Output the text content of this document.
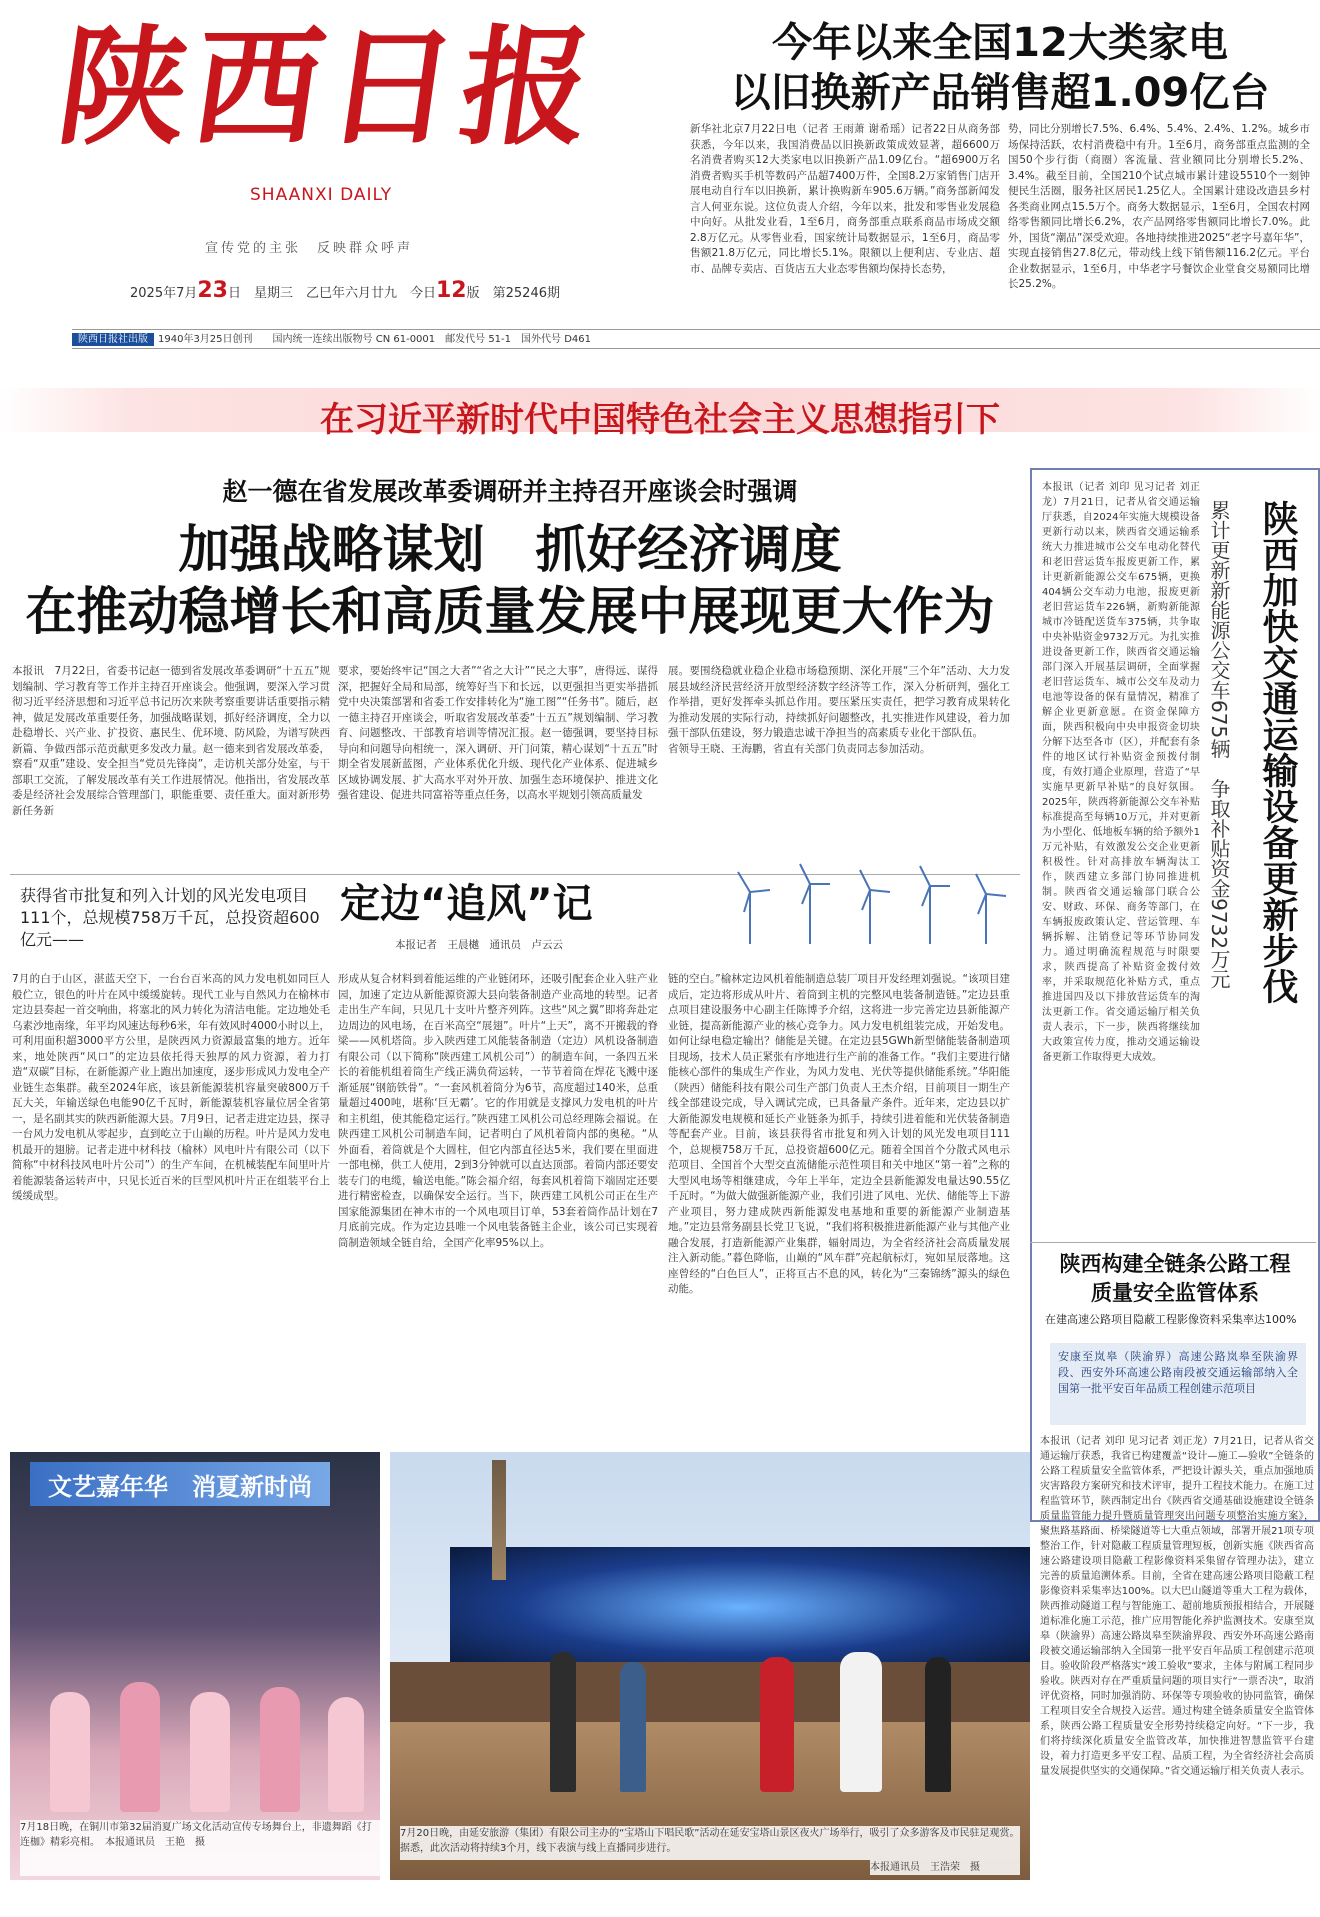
陕西日报
SHAANXI DAILY
宣传党的主张　反映群众呼声
2025年7月23日　星期三　乙巳年六月廿九　今日12版　第25246期
陕西日报社出版 1940年3月25日创刊　　国内统一连续出版物号 CN 61-0001　邮发代号 51-1　国外代号 D461
今年以来全国12大类家电
以旧换新产品销售超1.09亿台
新华社北京7月22日电（记者 王雨萧 谢希瑶）记者22日从商务部获悉，今年以来，我国消费品以旧换新政策成效显著，超6600万名消费者购买12大类家电以旧换新产品1.09亿台。“超6900万名消费者购买手机等数码产品超7400万件，全国8.2万家销售门店开展电动自行车以旧换新，累计换购新车905.6万辆。”商务部新闻发言人何亚东说。这位负责人介绍，今年以来，批发和零售业发展稳中向好。从批发业看，1至6月，商务部重点联系商品市场成交额2.8万亿元。从零售业看，国家统计局数据显示，1至6月，商品零售额21.8万亿元，同比增长5.1%。限额以上便利店、专业店、超市、品牌专卖店、百货店五大业态零售额均保持长态势，
势，同比分别增长7.5%、6.4%、5.4%、2.4%、1.2%。城乡市场保持活跃，农村消费稳中有升。1至6月，商务部重点监测的全国50个步行街（商圈）客流量、营业额同比分别增长5.2%、3.4%。截至目前，全国210个试点城市累计建设5510个一刻钟便民生活圈，服务社区居民1.25亿人。全国累计建设改造县乡村各类商业网点15.5万个。商务大数据显示，1至6月，全国农村网络零售额同比增长6.2%，农产品网络零售额同比增长7.0%。此外，国货“潮品”深受欢迎。各地持续推进2025“老字号嘉年华”，实现直接销售27.8亿元，带动线上线下销售额116.2亿元。平台企业数据显示，1至6月，中华老字号餐饮企业堂食交易额同比增长25.2%。
在习近平新时代中国特色社会主义思想指引下
赵一德在省发展改革委调研并主持召开座谈会时强调
加强战略谋划　抓好经济调度
在推动稳增长和高质量发展中展现更大作为
本报讯　7月22日，省委书记赵一德到省发展改革委调研“十五五”规划编制、学习教育等工作并主持召开座谈会。他强调，要深入学习贯彻习近平经济思想和习近平总书记历次来陕考察重要讲话重要指示精神，做足发展改革重要任务，加强战略谋划，抓好经济调度，全力以赴稳增长、兴产业、扩投资、惠民生、优环境、防风险，为谱写陕西新篇、争做西部示范贡献更多发改力量。赵一德来到省发展改革委，察看“双重”建设、安全担当“党员先锋岗”，走访机关部分处室，与干部职工交流，了解发展改革有关工作进展情况。他指出，省发展改革委是经济社会发展综合管理部门，职能重要、责任重大。面对新形势新任务新
要求，要始终牢记“国之大者”“省之大计”“民之大事”，唐得远、谋得深，把握好全局和局部，统筹好当下和长远，以更强担当更实举措抓党中央决策部署和省委工作安排转化为“施工图”“任务书”。随后，赵一德主持召开座谈会，听取省发展改革委“十五五”规划编制、学习教育、问题整改、干部教育培训等情况汇报。赵一德强调，要坚持目标导向和问题导向相统一，深入调研、开门问策，精心谋划“十五五”时期全省发展新蓝图，产业体系优化升级、现代化产业体系、促进城乡区域协调发展、扩大高水平对外开放、加强生态环境保护、推进文化强省建设、促进共同富裕等重点任务，以高水平规划引领高质量发
展。要围绕稳就业稳企业稳市场稳预期、深化开展“三个年”活动、大力发展县域经济民营经济开放型经济数字经济等工作，深入分析研判，强化工作举措，更好发挥牵头抓总作用。要压紧压实责任，把学习教育成果转化为推动发展的实际行动，持续抓好问题整改，扎实推进作风建设，着力加强干部队伍建设，努力锻造忠诚干净担当的高素质专业化干部队伍。
省领导王晓、王海鹏，省直有关部门负责同志参加活动。
获得省市批复和列入计划的风光发电项目111个，总规模758万千瓦，总投资超600亿元——
定边“追风”记
本报记者　王晨樾　通讯员　卢云云
7月的白于山区，湛蓝天空下，一台台百米高的风力发电机如同巨人般伫立，银色的叶片在风中缓缓旋转。现代工业与自然风力在榆林市定边县奏起一首交响曲，将塞北的风力转化为清洁电能。定边地处毛乌素沙地南缘，年平均风速达每秒6米，年有效风时4000小时以上，可利用面积超3000平方公里，是陕西风力资源最富集的地方。近年来，地处陕西“风口”的定边县依托得天独厚的风力资源，着力打造“双碳”目标，在新能源产业上跑出加速度，逐步形成风力发电全产业链生态集群。截至2024年底，该县新能源装机容量突破800万千瓦大关，年输送绿色电能90亿千瓦时，新能源装机容量位居全省第一，是名副其实的陕西新能源大县。7月9日，记者走进定边县，探寻一台风力发电机从零起步，直到屹立于山巅的历程。叶片是风力发电机最开的翅膀。记者走进中材科技（榆林）风电叶片有限公司（以下简称“中材科技风电叶片公司”）的生产车间，在机械装配车间里叶片着能源装备运转声中，只见长近百米的巨型风机叶片正在组装平台上缓缓成型。
形成从复合材料到着能运维的产业链闭环，还吸引配套企业入驻产业园，加速了定边从新能源资源大县向装备制造产业高地的转型。记者走出生产车间，只见几十支叶片整齐列阵。这些“风之翼”即将奔赴定边周边的风电场，在百米高空“展翅”。叶片“上天”，离不开搬载的脊梁——风机塔筒。步入陕西建工风能装备制造（定边）风机设备制造有限公司（以下简称“陕西建工风机公司”）的制造车间，一条四五米长的着能机组着筒生产线正满负荷运转，一节节着筒在焊花飞溅中逐渐延展“钢筋铁骨”。“一套风机着筒分为6节，高度超过140米，总重量超过400吨，堪称‘巨无霸’。它的作用就是支撑风力发电机的叶片和主机组，使其能稳定运行。”陕西建工风机公司总经理陈会福说。在陕西建工风机公司制造车间，记者明白了风机着筒内部的奥秘。“从外面看，着筒就是个大圆柱，但它内部直径达5米，我们要在里面进一部电梯，供工人使用，2到3分钟就可以直达顶部。着筒内部还要安装专门的电缆，输送电能。”陈会福介绍，每套风机着筒下端固定还要进行精密检查，以确保安全运行。当下，陕西建工风机公司正在生产国家能源集团在神木市的一个风电项目订单，53套着筒作品计划在7月底前完成。作为定边县唯一个风电装备链主企业，该公司已实现着筒制造领域全链自给，全国产化率95%以上。
链的空白。”榆林定边风机着能制造总装厂项目开发经理刘强说。“该项目建成后，定边将形成从叶片、着筒到主机的完整风电装备制造链。”定边县重点项目建设服务中心副主任陈博予介绍，这将进一步完善定边县新能源产业链，提高新能源产业的核心竞争力。风力发电机组装完成，开始发电。如何让绿电稳定输出？储能是关键。在定边县5GWh新型储能装备制造项目现场，技术人员正紧张有序地进行生产前的准备工作。“我们主要进行储能核心部件的集成生产作业，为风力发电、光伏等提供储能系统。”华阳能（陕西）储能科技有限公司生产部门负责人王杰介绍，目前项目一期生产线全部建设完成，导入调试完成，已具备量产条件。近年来，定边县以扩大新能源发电规模和延长产业链条为抓手，持续引进着能和光伏装备制造等配套产业。目前，该县获得省市批复和列入计划的风光发电项目111个，总规模758万千瓦，总投资超600亿元。随着全国首个分散式风电示范项目、全国首个大型交直流储能示范性项目和关中地区“第一着”之称的大型风电场等相继建成，今年上半年，定边全县新能源发电量达90.55亿千瓦时。“为做大做强新能源产业，我们引进了风电、光伏、储能等上下游产业项目，努力建成陕西新能源发电基地和重要的新能源产业制造基地。”定边县常务副县长党卫飞说，“我们将积极推进新能源产业与其他产业融合发展，打造新能源产业集群，辐射周边，为全省经济社会高质量发展注入新动能。”暮色降临，山巅的“风车群”亮起航标灯，宛如星辰落地。这座曾经的“白色巨人”，正将亘古不息的风，转化为“三秦锦绣”源头的绿色动能。
陕西加快交通运输设备更新步伐
累计更新新能源公交车675辆　争取补贴资金9732万元
本报讯（记者 刘印 见习记者 刘正龙）7月21日，记者从省交通运输厅获悉，自2024年实施大规模设备更新行动以来，陕西省交通运输系统大力推进城市公交车电动化替代和老旧营运货车报废更新工作，累计更新新能源公交车675辆，更换404辆公交车动力电池，报废更新老旧营运货车226辆，新购新能源城市冷链配送货车375辆，共争取中央补贴资金9732万元。为扎实推进设备更新工作，陕西省交通运输部门深入开展基层调研，全面掌握老旧营运货车、城市公交车及动力电池等设备的保有量情况，精准了解企业更新意愿。在资金保障方面，陕西积极向中央申报资金切块分解下达至各市（区），并配套有条件的地区试行补贴资金预拨付制度，有效打通企业原理，营造了“早实施早更新早补贴”的良好氛围。2025年，陕西将新能源公交车补贴标准提高至每辆10万元，并对更新为小型化、低地板车辆的给予额外1万元补贴，有效激发公交企业更新积极性。针对高排放车辆淘汰工作，陕西建立多部门协同推进机制。陕西省交通运输部门联合公安、财政、环保、商务等部门，在车辆报废政策认定、营运管理、车辆拆解、注销登记等环节协同发力。通过明确流程规范与时限要求，陕西提高了补贴资金拨付效率，并采取规范化补贴方式，重点推进国四及以下排放营运货车的淘汰更新工作。省交通运输厅相关负责人表示，下一步，陕西将继续加大政策宣传力度，推动交通运输设备更新工作取得更大成效。
陕西构建全链条公路工程
质量安全监管体系
在建高速公路项目隐蔽工程影像资料采集率达100%
安康至岚皋（陕渝界）高速公路岚皋至陕渝界段、西安外环高速公路南段被交通运输部纳入全国第一批平安百年品质工程创建示范项目
本报讯（记者 刘印 见习记者 刘正龙）7月21日，记者从省交通运输厅获悉，我省已构建覆盖“设计—施工—验收”全链条的公路工程质量安全监管体系，严把设计源头关，重点加强地质灾害路段方案研究和技术评审，提升工程技术能力。在施工过程监管环节，陕西制定出台《陕西省交通基础设施建设全链条质量监管能力提升暨质量管理突出问题专项整治实施方案》，聚焦路基路面、桥梁隧道等七大重点领域，部署开展21项专项整治工作，针对隐蔽工程质量管理短板，创新实施《陕西省高速公路建设项目隐蔽工程影像资料采集留存管理办法》，建立完善的质量追溯体系。目前，全省在建高速公路项目隐蔽工程影像资料采集率达100%。以大巴山隧道等重大工程为载体，陕西推动隧道工程与智能施工、超前地质预报相结合，开展隧道标准化施工示范，推广应用智能化养护监测技术。安康至岚皋（陕渝界）高速公路岚皋至陕渝界段、西安外环高速公路南段被交通运输部纳入全国第一批平安百年品质工程创建示范项目。验收阶段严格落实“竣工验收”要求，主体与附属工程同步验收。陕西对存在严重质量问题的项目实行“一票否决”，取消评优资格，同时加强消防、环保等专项验收的协同监管，确保工程项目安全合规投入运营。通过构建全链条质量安全监管体系，陕西公路工程质量安全形势持续稳定向好。“下一步，我们将持续深化质量安全监管改革，加快推进智慧监管平台建设，着力打造更多平安工程、品质工程，为全省经济社会高质量发展提供坚实的交通保障。”省交通运输厅相关负责人表示。
文艺嘉年华　消夏新时尚
7月18日晚，在铜川市第32届消夏广场文化活动宣传专场舞台上，非遗舞蹈《打连枷》精彩亮相。　本报通讯员　王艳　摄
7月20日晚，由延安旅游（集团）有限公司主办的“宝塔山下唱民歌”活动在延安宝塔山景区夜火广场举行，吸引了众多游客及市民驻足观赏。据悉，此次活动将持续3个月，线下表演与线上直播同步进行。
本报通讯员　王浩荣　摄
